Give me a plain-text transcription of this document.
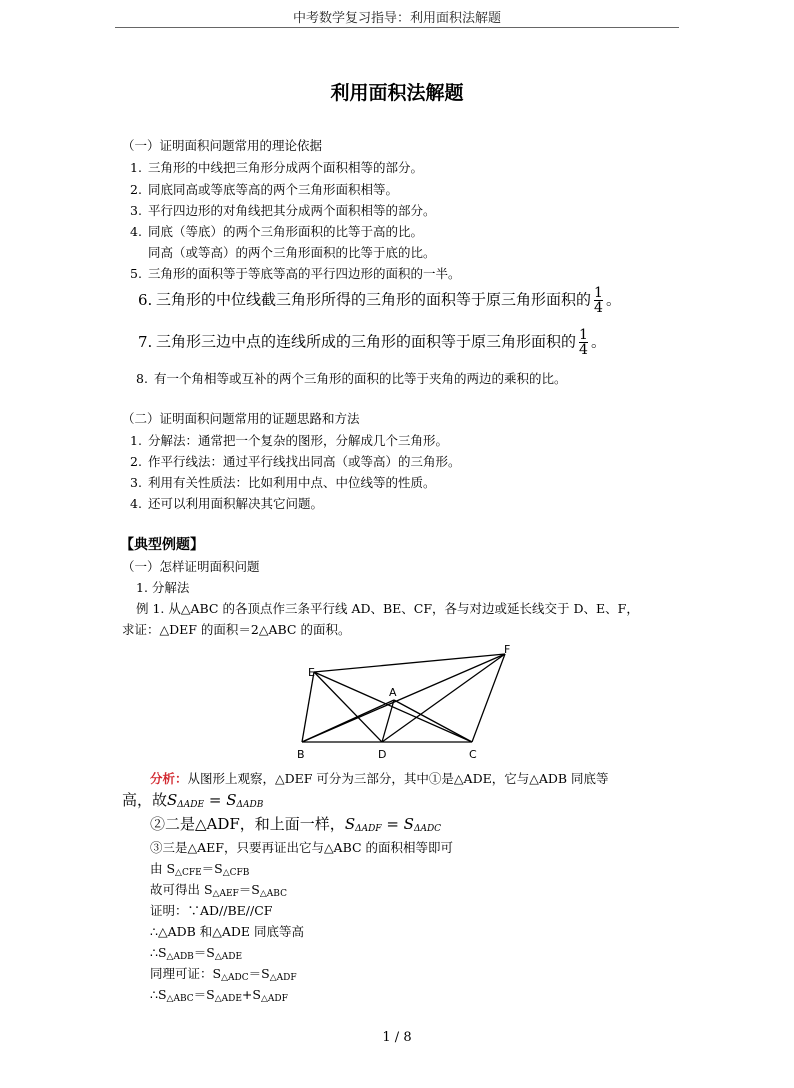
中考数学复习指导：利用面积法解题
利用面积法解题
（一）证明面积问题常用的理论依据
1. 三角形的中线把三角形分成两个面积相等的部分。
2. 同底同高或等底等高的两个三角形面积相等。
3. 平行四边形的对角线把其分成两个面积相等的部分。
4. 同底（等底）的两个三角形面积的比等于高的比。
同高（或等高）的两个三角形面积的比等于底的比。
5. 三角形的面积等于等底等高的平行四边形的面积的一半。
6. 三角形的中位线截三角形所得的三角形的面积等于原三角形面积的 $\frac{1}{4}$ 。
7. 三角形三边中点的连线所成的三角形的面积等于原三角形面积的 $\frac{1}{4}$ 。
8. 有一个角相等或互补的两个三角形的面积的比等于夹角的两边的乘积的比。
（二）证明面积问题常用的证题思路和方法
1. 分解法：通常把一个复杂的图形，分解成几个三角形。
2. 作平行线法：通过平行线找出同高（或等高）的三角形。
3. 利用有关性质法：比如利用中点、中位线等的性质。
4. 还可以利用面积解决其它问题。
【典型例题】
（一）怎样证明面积问题
1. 分解法
例 1. 从△ABC 的各顶点作三条平行线 AD、BE、CF，各与对边或延长线交于 D、E、F，
求证：△DEF 的面积＝2△ABC 的面积。
E
F
A
B	D	C
分析：从图形上观察，△DEF 可分为三部分，其中①是△ADE，它与△ADB 同底等
高，故$S_{\Delta ADE} = S_{\Delta ADB}$
②二是△ADF，和上面一样，$S_{\Delta ADF} = S_{\Delta ADC}$
③三是△AEF，只要再证出它与△ABC 的面积相等即可
由 $S_{\triangle CFE}=S_{\triangle CFB}$
故可得出 $S_{\triangle AEF}=S_{\triangle ABC}$
证明：∵AD//BE//CF
∴△ADB 和△ADE 同底等高
$\therefore S_{\triangle ADB}=S_{\triangle ADE}$
同理可证：$S_{\triangle ADC}=S_{\triangle ADF}$
$\therefore S_{\triangle ABC}=S_{\triangle ADE}+S_{\triangle ADF}$
1 / 8
